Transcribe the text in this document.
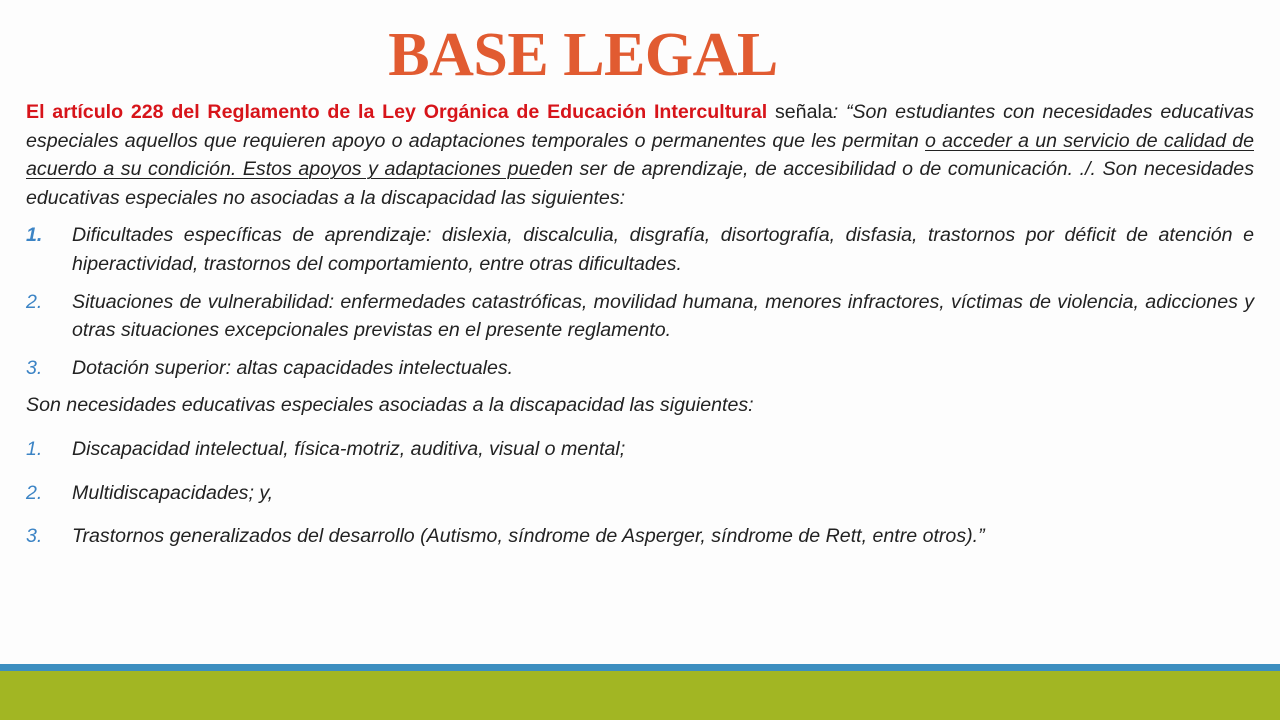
BASE LEGAL

El artículo 228 del Reglamento de la Ley Orgánica de Educación Intercultural señala: “Son estudiantes con necesidades educativas especiales aquellos que requieren apoyo o adaptaciones temporales o permanentes que les permitan o acceder a un servicio de calidad de acuerdo a su condición. Estos apoyos y adaptaciones pueden ser de aprendizaje, de accesibilidad o de comunicación. ./. Son necesidades educativas especiales no asociadas a la discapacidad las siguientes:

1.	Dificultades específicas de aprendizaje: dislexia, discalculia, disgrafía, disortografía, disfasia, trastornos por déficit de atención e hiperactividad, trastornos del comportamiento, entre otras dificultades.
2.	Situaciones de vulnerabilidad: enfermedades catastróficas, movilidad humana, menores infractores, víctimas de violencia, adicciones y otras situaciones excepcionales previstas en el presente reglamento.
3.	Dotación superior: altas capacidades intelectuales.

Son necesidades educativas especiales asociadas a la discapacidad las siguientes:

1.	Discapacidad intelectual, física-motriz, auditiva, visual o mental;
2.	Multidiscapacidades; y,
3.	Trastornos generalizados del desarrollo (Autismo, síndrome de Asperger, síndrome de Rett, entre otros).”
